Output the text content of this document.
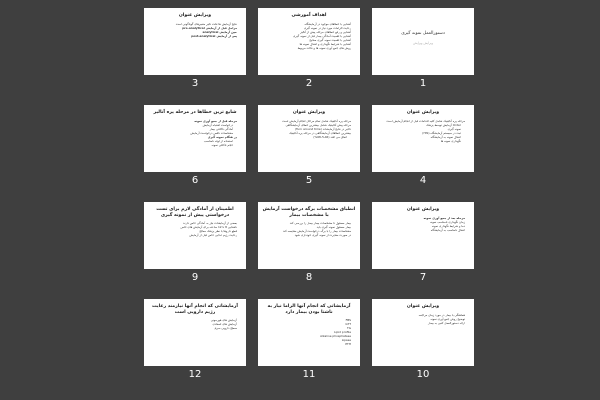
ویرایش عنوان
• نتایج آزمایش ها تحت تاثیر متغیرهای گوناگونی است
• مراحل قبل از آزمایش pre-analytical
• حین آزمایش analytical
• پس از آزمایش post-analytical
3
اهداف آموزشی
• آشنایی با خطاهای موجود در آزمایشگاه
• رعایت الزامات مورد نیاز در نمونه گیری
• آشنایی و رفع خطاهای مرحله پیش از آنالیز
• آشنایی با اهمیت آمادگی بیمار قبل از نمونه گیری
• آشنایی با اهمیت نمونه گیری صحیح
• آشنایی با شرایط نگهداری و انتقال نمونه ها
• روش های جمع آوری نمونه ها و نکات مربوط
2
دستورالعمل نمونه گیری
ویرایش ویرایش
1
شایع ترین خطاها در مرحله پره آنالیز
• مرحله قبل از جمع آوری نمونه
• درخواست اشتباه آزمایش
• آمادگی ناکافی بیمار
• مشخصات ناقص درخواست آزمایش
• در هنگام نمونه گیری
• استفاده از لوله نامناسب
• حجم ناکافی نمونه
6
ویرایش عنوان
• مرحله پره آنالیتیک شامل تمام مراحل انجام آزمایش است
• مرحله پیش آنالیتیک شامل بیشترین خطای آزمایشگاهی
• تاخیر در نتایج آزمایشات (Turn around time)
• بیشترین خطاهای آزمایشگاهی در مرحله پره آنالیتیک
• اتفاق می افتد (46%-68%)
5
ویرایش عنوان
• مرحله پره آنالیتیک شامل کلیه اقدامات قبل از انجام آزمایش است
• Order آزمایش توسط پزشک
• نمونه گیری
• ثبت در سیستم آزمایشگاه (HIS)
• انتقال نمونه به آزمایشگاه
• نگهداری نمونه ها
4
اطمینان از آمادگی لازم برای تست درخواستی پیش از نمونه گیری
• بعضی از آزمایشات نیاز به آمادگی خاص دارند
• ناشتایی 8 تا 12 ساعته برای آزمایش های خاص
• قطع داروها با نظر پزشک معالج
• رعایت رژیم غذایی خاص قبل از آزمایش
9
انطباق مشخصات برگه درخواست آزمایش با مشخصات بیمار
• بیمار مسئول تا مشخصات بیمار بیمار را بررسی کند
• بیمار مسئول نمونه گیری باید
• مشخصات بیمار را با برگه درخواست آزمایش مقایسه کند
• در صورت مغایرت از نمونه گیری خودداری شود
8
ویرایش عنوان
• مرحله بعد از جمع آوری نمونه
• زمان نگهداری نامناسب نمونه
• دما و شرایط نگهداری نمونه
• انتقال نامناسب به آزمایشگاه
7
آزمایشاتی که انجام آنها نیازمند رعایت رژیم دارویی است
• آزمایش های هورمونی
• آزمایش های انعقادی
• سطح دارویی سرم
12
آزمایشاتی که انجام آنها الزاما نیاز به ناشتا بودن بیمار دارد
• FBS
• GTT
• TG
• Lipid profile
• Alkaline phosphatase
• Lipase
• PTH
11
ویرایش عنوان
• هماهنگی با بیمار در مورد زمان مراجعه
• توضیح روش جمع آوری نمونه
• ارائه دستورالعمل کتبی به بیمار
10
